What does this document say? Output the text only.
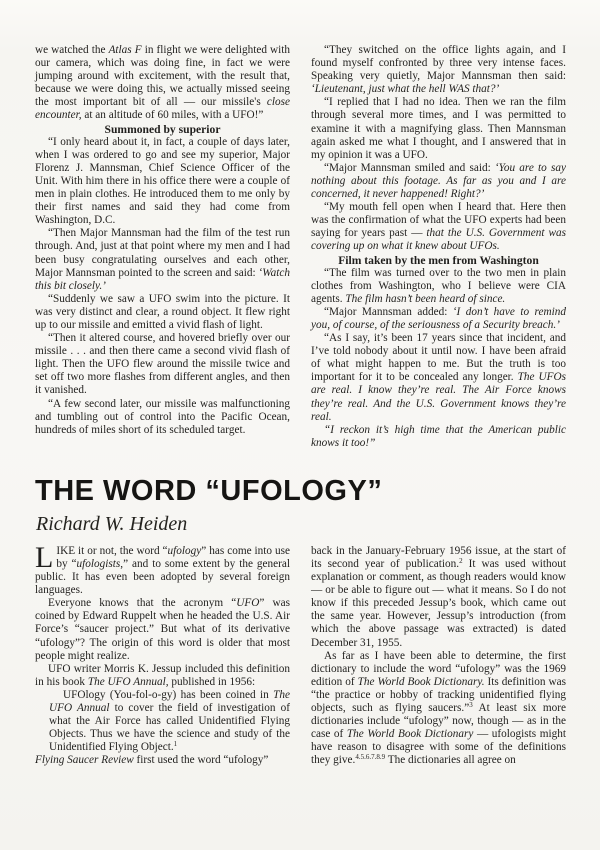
we watched the Atlas F in flight we were delighted with our camera, which was doing fine, in fact we were jumping around with excitement, with the result that, because we were doing this, we actually missed seeing the most important bit of all — our missile's close encounter, at an altitude of 60 miles, with a UFO!”

Summoned by superior

“I only heard about it, in fact, a couple of days later, when I was ordered to go and see my superior, Major Florenz J. Mannsman, Chief Science Officer of the Unit. With him there in his office there were a couple of men in plain clothes. He introduced them to me only by their first names and said they had come from Washington, D.C.

“Then Major Mannsman had the film of the test run through. And, just at that point where my men and I had been busy congratulating ourselves and each other, Major Mannsman pointed to the screen and said: ‘Watch this bit closely.’

“Suddenly we saw a UFO swim into the picture. It was very distinct and clear, a round object. It flew right up to our missile and emitted a vivid flash of light.

“Then it altered course, and hovered briefly over our missile . . . and then there came a second vivid flash of light. Then the UFO flew around the missile twice and set off two more flashes from different angles, and then it vanished.

“A few second later, our missile was malfunctioning and tumbling out of control into the Pacific Ocean, hundreds of miles short of its scheduled target.

“They switched on the office lights again, and I found myself confronted by three very intense faces. Speaking very quietly, Major Mannsman then said: ‘Lieutenant, just what the hell WAS that?’

“I replied that I had no idea. Then we ran the film through several more times, and I was permitted to examine it with a magnifying glass. Then Mannsman again asked me what I thought, and I answered that in my opinion it was a UFO.

“Major Mannsman smiled and said: ‘You are to say nothing about this footage. As far as you and I are concerned, it never happened! Right?’

“My mouth fell open when I heard that. Here then was the confirmation of what the UFO experts had been saying for years past — that the U.S. Government was covering up on what it knew about UFOs.

Film taken by the men from Washington

“The film was turned over to the two men in plain clothes from Washington, who I believe were CIA agents. The film hasn’t been heard of since.

“Major Mannsman added: ‘I don’t have to remind you, of course, of the seriousness of a Security breach.’

“As I say, it’s been 17 years since that incident, and I’ve told nobody about it until now. I have been afraid of what might happen to me. But the truth is too important for it to be concealed any longer. The UFOs are real. I know they’re real. The Air Force knows they’re real. And the U.S. Government knows they’re real.

“I reckon it’s high time that the American public knows it too!”

THE WORD “UFOLOGY”
Richard W. Heiden

LIKE it or not, the word “ufology” has come into use by “ufologists,” and to some extent by the general public. It has even been adopted by several foreign languages.

Everyone knows that the acronym “UFO” was coined by Edward Ruppelt when he headed the U.S. Air Force’s “saucer project.” But what of its derivative “ufology”? The origin of this word is older that most people might realize.

UFO writer Morris K. Jessup included this definition in his book The UFO Annual, published in 1956:

UFOlogy (You-fol-o-gy) has been coined in The UFO Annual to cover the field of investigation of what the Air Force has called Unidentified Flying Objects. Thus we have the science and study of the Unidentified Flying Object.$^1$

Flying Saucer Review first used the word “ufology”

back in the January-February 1956 issue, at the start of its second year of publication.$^2$ It was used without explanation or comment, as though readers would know — or be able to figure out — what it means. So I do not know if this preceded Jessup’s book, which came out the same year. However, Jessup’s introduction (from which the above passage was extracted) is dated December 31, 1955.

As far as I have been able to determine, the first dictionary to include the word “ufology” was the 1969 edition of The World Book Dictionary. Its definition was “the practice or hobby of tracking unidentified flying objects, such as flying saucers.”$^3$ At least six more dictionaries include “ufology” now, though — as in the case of The World Book Dictionary — ufologists might have reason to disagree with some of the definitions they give.$^{4.5.6.7.8.9}$ The dictionaries all agree on
